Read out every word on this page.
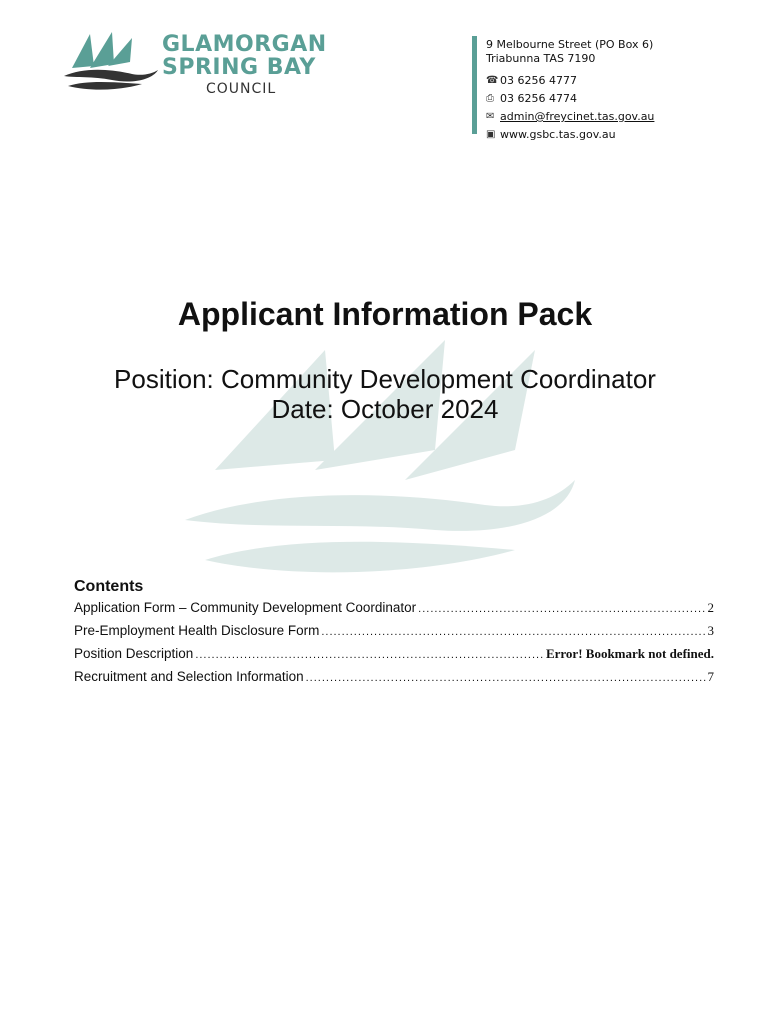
GLAMORGAN
SPRING BAY
COUNCIL
9 Melbourne Street (PO Box 6)
Triabunna TAS 7190
☎ 03 6256 4777
⎙ 03 6256 4774
✉ admin@freycinet.tas.gov.au
▣ www.gsbc.tas.gov.au
Applicant Information Pack
Position: Community Development Coordinator
Date: October 2024
Contents
Application Form – Community Development Coordinator .....	2
Pre-Employment Health Disclosure Form .....	3
Position Description .....	Error! Bookmark not defined.
Recruitment and Selection Information .....	7
